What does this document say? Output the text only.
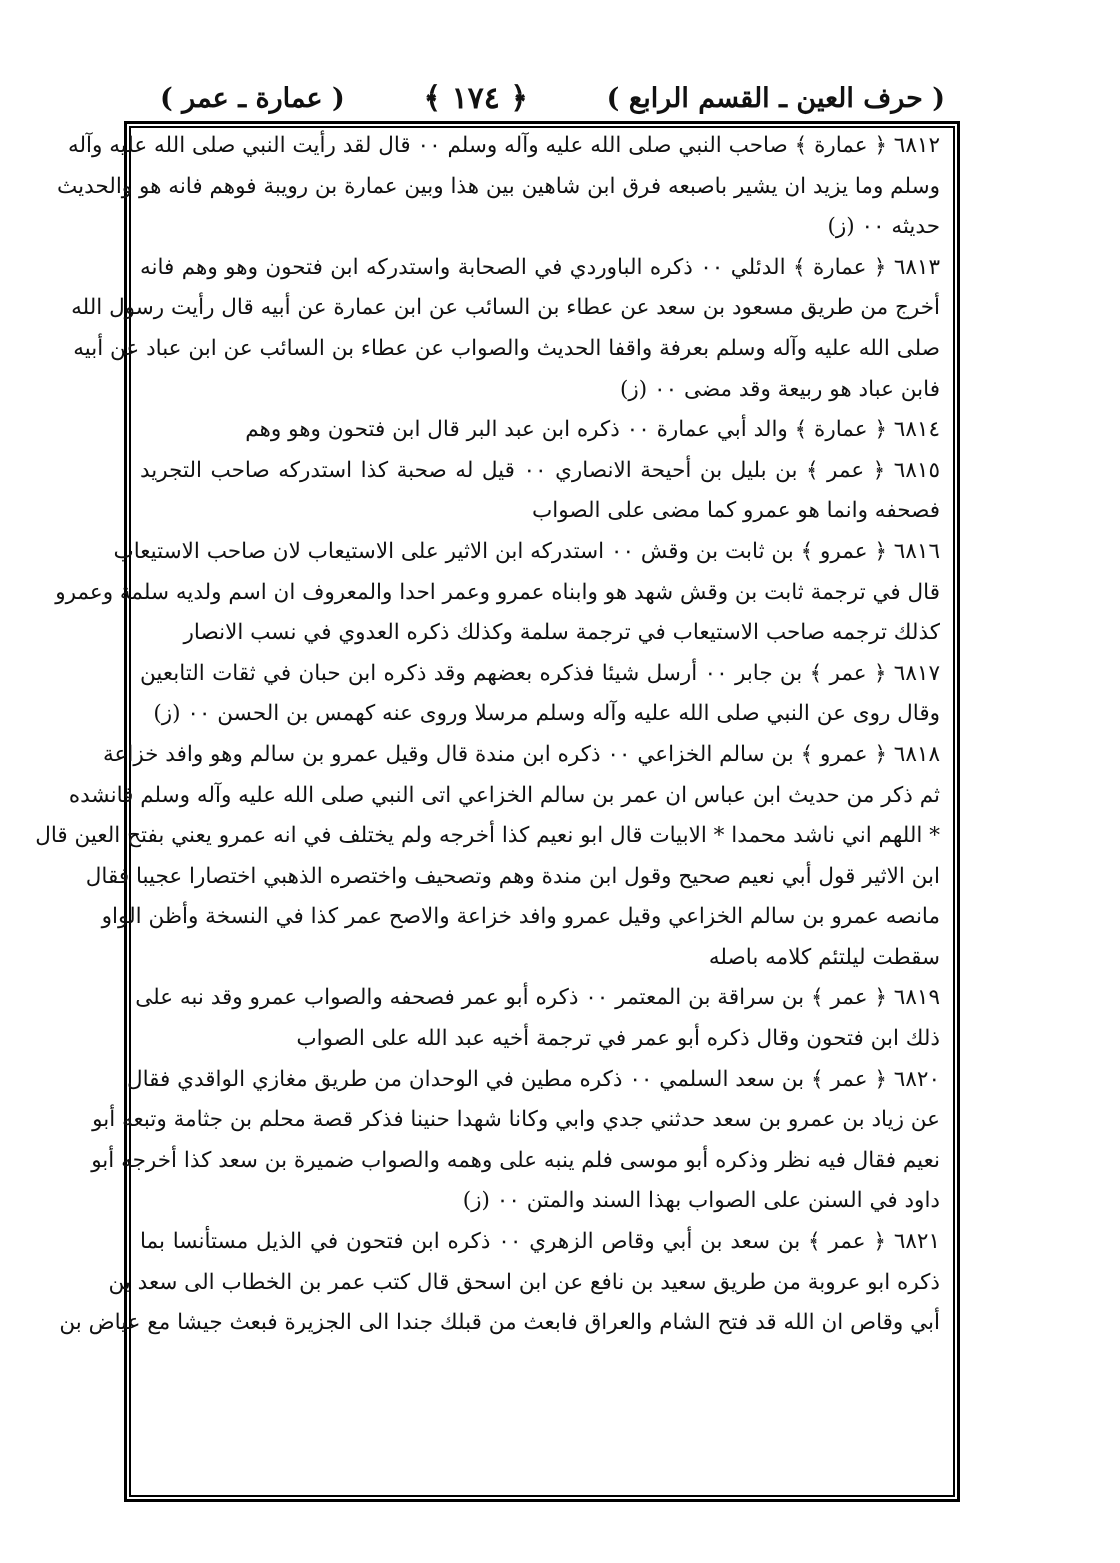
( حرف العين ـ القسم الرابع )
﴿ ١٧٤ ﴾
( عمارة ـ عمر )
٦٨١٢ ﴿ عمارة ﴾ صاحب النبي صلى الله عليه وآله وسلم ٠٠ قال لقد رأيت النبي صلى الله عليه وآله
وسلم وما يزيد ان يشير باصبعه فرق ابن شاهين بين هذا وبين عمارة بن رويبة فوهم فانه هو والحديث
حديثه ٠٠ (ز)
٦٨١٣ ﴿ عمارة ﴾ الدئلي ٠٠ ذكره الباوردي في الصحابة واستدركه ابن فتحون وهو وهم فانه
أخرج من طريق مسعود بن سعد عن عطاء بن السائب عن ابن عمارة عن أبيه قال رأيت رسول الله
صلى الله عليه وآله وسلم بعرفة واقفا الحديث والصواب عن عطاء بن السائب عن ابن عباد عن أبيه
فابن عباد هو ربيعة وقد مضى ٠٠ (ز)
٦٨١٤ ﴿ عمارة ﴾ والد أبي عمارة ٠٠ ذكره ابن عبد البر قال ابن فتحون وهو وهم
٦٨١٥ ﴿ عمر ﴾ بن بليل بن أحيحة الانصاري ٠٠ قيل له صحبة كذا استدركه صاحب التجريد
فصحفه وانما هو عمرو كما مضى على الصواب
٦٨١٦ ﴿ عمرو ﴾ بن ثابت بن وقش ٠٠ استدركه ابن الاثير على الاستيعاب لان صاحب الاستيعاب
قال في ترجمة ثابت بن وقش شهد هو وابناه عمرو وعمر احدا والمعروف ان اسم ولديه سلمة وعمرو
كذلك ترجمه صاحب الاستيعاب في ترجمة سلمة وكذلك ذكره العدوي في نسب الانصار
٦٨١٧ ﴿ عمر ﴾ بن جابر ٠٠ أرسل شيئا فذكره بعضهم وقد ذكره ابن حبان في ثقات التابعين
وقال روى عن النبي صلى الله عليه وآله وسلم مرسلا وروى عنه كهمس بن الحسن ٠٠ (ز)
٦٨١٨ ﴿ عمرو ﴾ بن سالم الخزاعي ٠٠ ذكره ابن مندة قال وقيل عمرو بن سالم وهو وافد خزاعة
ثم ذكر من حديث ابن عباس ان عمر بن سالم الخزاعي اتى النبي صلى الله عليه وآله وسلم فانشده
* اللهم اني ناشد محمدا * الابيات قال ابو نعيم كذا أخرجه ولم يختلف في انه عمرو يعني بفتح العين قال
ابن الاثير قول أبي نعيم صحيح وقول ابن مندة وهم وتصحيف واختصره الذهبي اختصارا عجيبا فقال
مانصه عمرو بن سالم الخزاعي وقيل عمرو وافد خزاعة والاصح عمر كذا في النسخة وأظن الواو
سقطت ليلتئم كلامه باصله
٦٨١٩ ﴿ عمر ﴾ بن سراقة بن المعتمر ٠٠ ذكره أبو عمر فصحفه والصواب عمرو وقد نبه على
ذلك ابن فتحون وقال ذكره أبو عمر في ترجمة أخيه عبد الله على الصواب
٦٨٢٠ ﴿ عمر ﴾ بن سعد السلمي ٠٠ ذكره مطين في الوحدان من طريق مغازي الواقدي فقال
عن زياد بن عمرو بن سعد حدثني جدي وابي وكانا شهدا حنينا فذكر قصة محلم بن جثامة وتبعه أبو
نعيم فقال فيه نظر وذكره أبو موسى فلم ينبه على وهمه والصواب ضميرة بن سعد كذا أخرجه أبو
داود في السنن على الصواب بهذا السند والمتن ٠٠ (ز)
٦٨٢١ ﴿ عمر ﴾ بن سعد بن أبي وقاص الزهري ٠٠ ذكره ابن فتحون في الذيل مستأنسا بما
ذكره ابو عروبة من طريق سعيد بن نافع عن ابن اسحق قال كتب عمر بن الخطاب الى سعد بن
أبي وقاص ان الله قد فتح الشام والعراق فابعث من قبلك جندا الى الجزيرة فبعث جيشا مع عياض بن
